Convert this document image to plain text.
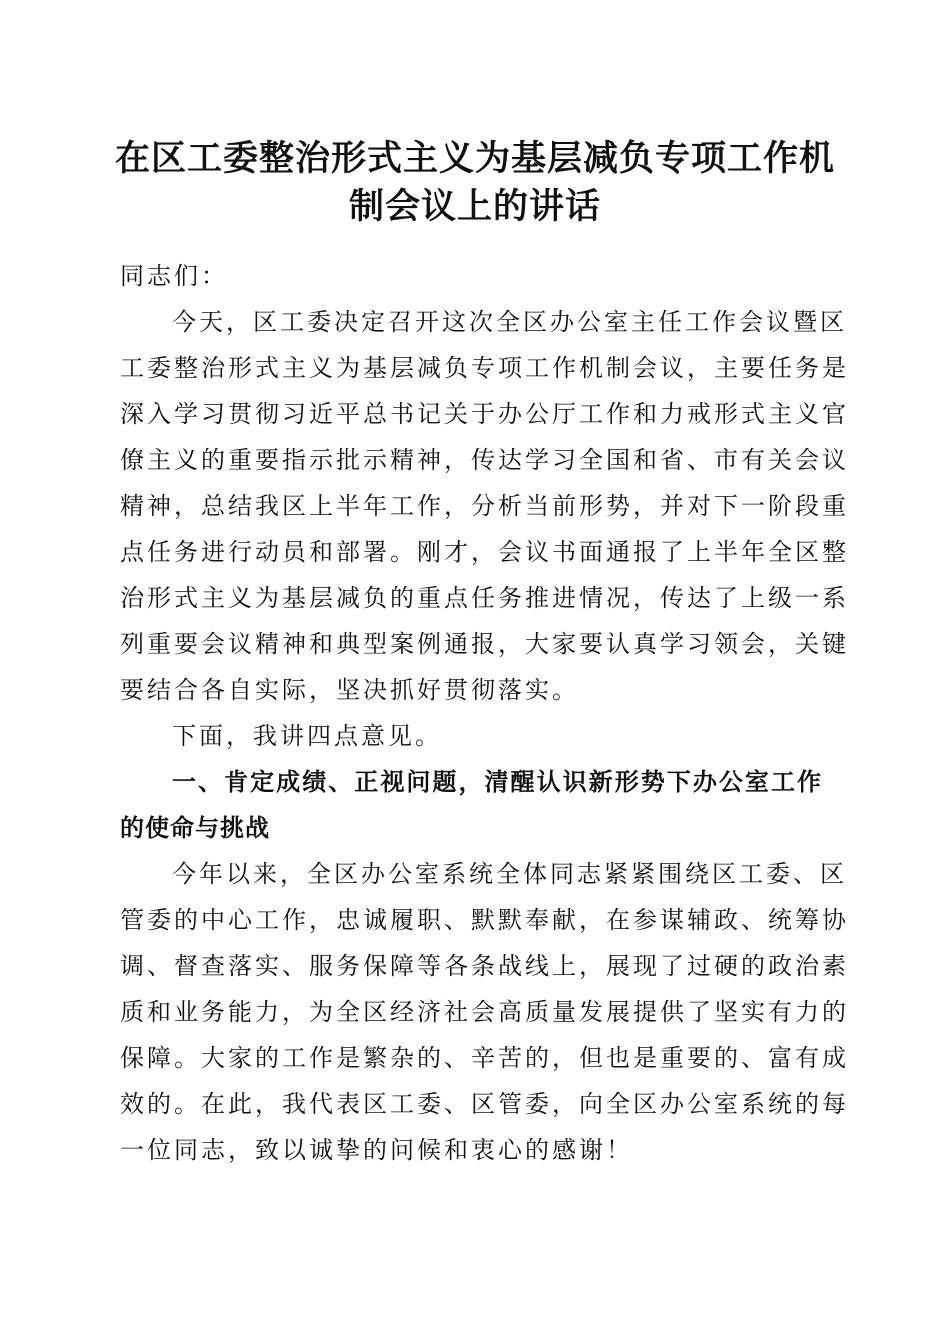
在区工委整治形式主义为基层减负专项工作机
制会议上的讲话

同志们：

今天，区工委决定召开这次全区办公室主任工作会议暨区
工委整治形式主义为基层减负专项工作机制会议，主要任务是
深入学习贯彻习近平总书记关于办公厅工作和力戒形式主义官
僚主义的重要指示批示精神，传达学习全国和省、市有关会议
精神，总结我区上半年工作，分析当前形势，并对下一阶段重
点任务进行动员和部署。刚才，会议书面通报了上半年全区整
治形式主义为基层减负的重点任务推进情况，传达了上级一系
列重要会议精神和典型案例通报，大家要认真学习领会，关键
要结合各自实际，坚决抓好贯彻落实。

下面，我讲四点意见。

一、肯定成绩、正视问题，清醒认识新形势下办公室工作
的使命与挑战

今年以来，全区办公室系统全体同志紧紧围绕区工委、区
管委的中心工作，忠诚履职、默默奉献，在参谋辅政、统筹协
调、督查落实、服务保障等各条战线上，展现了过硬的政治素
质和业务能力，为全区经济社会高质量发展提供了坚实有力的
保障。大家的工作是繁杂的、辛苦的，但也是重要的、富有成
效的。在此，我代表区工委、区管委，向全区办公室系统的每
一位同志，致以诚挚的问候和衷心的感谢！
